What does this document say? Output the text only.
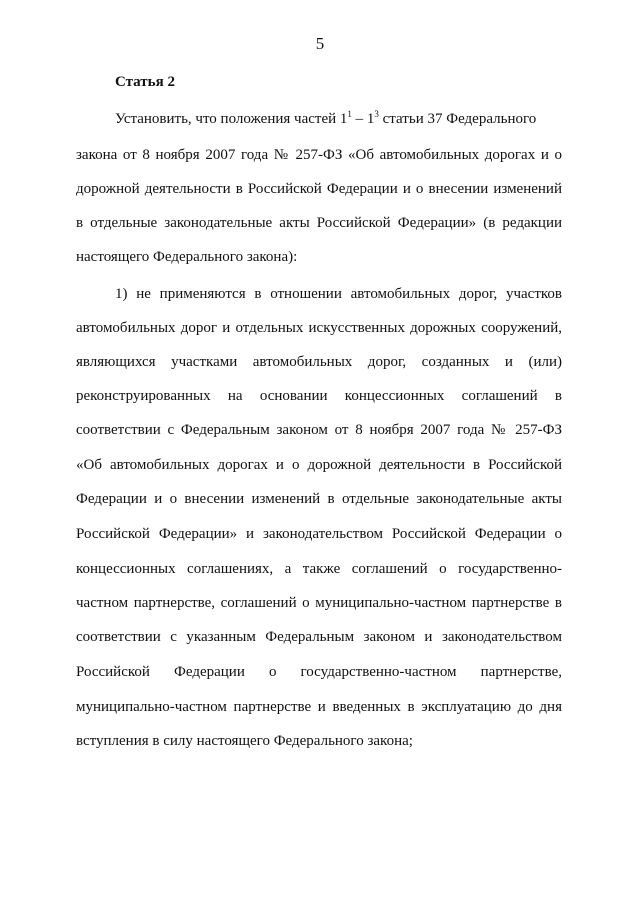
5
Статья 2
Установить, что положения частей $1^1 - 1^3$ статьи 37 Федерального
закона от 8 ноября 2007 года № 257-ФЗ «Об автомобильных дорогах и о
дорожной деятельности в Российской Федерации и о внесении изменений
в отдельные законодательные акты Российской Федерации» (в редакции
настоящего Федерального закона):
1) не применяются в отношении автомобильных дорог, участков
автомобильных дорог и отдельных искусственных дорожных сооружений,
являющихся участками автомобильных дорог, созданных и (или)
реконструированных на основании концессионных соглашений в
соответствии с Федеральным законом от 8 ноября 2007 года № 257-ФЗ
«Об автомобильных дорогах и о дорожной деятельности в Российской
Федерации и о внесении изменений в отдельные законодательные акты
Российской Федерации» и законодательством Российской Федерации о
концессионных соглашениях, а также соглашений о государственно-
частном партнерстве, соглашений о муниципально-частном партнерстве в
соответствии с указанным Федеральным законом и законодательством
Российской Федерации о государственно-частном партнерстве,
муниципально-частном партнерстве и введенных в эксплуатацию до дня
вступления в силу настоящего Федерального закона;
